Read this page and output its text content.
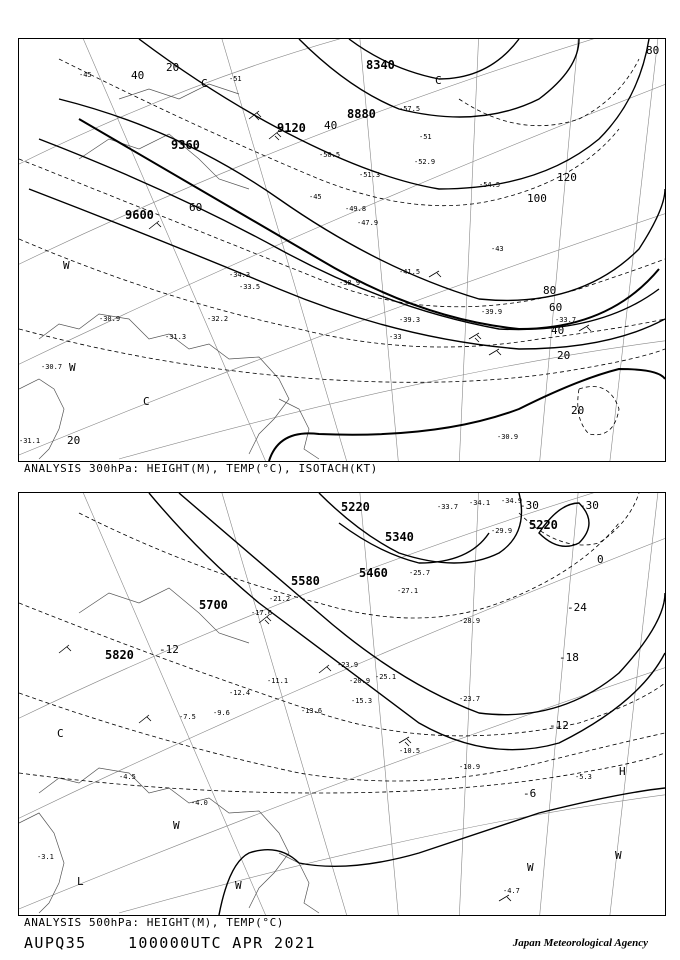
8340
8880
9120
9360
9600
80
40
20
40
60
80
100
120
60
40
20
20
20
C	C
W
W
C
-51
-45
-51
-57.5
-54.5
-52.9
-51.3
-50.5
-49.8
-47.9
-45
-41.5
-39.9
-39.3
-38.9
-34.3
-33.7
-33
-30.9
-31.3
-33.5
-30.7
-31.1
-32.2
-30.9
-43
ANALYSIS 300hPa: HEIGHT(M), TEMP(°C), ISOTACH(KT)
5220
5340
5460
5580
5700
5820
5220
-30
-24
0
-18
-12
-12
-6
-30
C
W
L	W
W
W
H
-34.9
-34.1
-33.7
-29.9
-28.9
-27.1
-25.7
-25.1
-23.9
-23.7
-21.2
-20.9
-17.6
-15.3
-13.6
-12.4
-11.1
-10.9
-10.5
-9.6
-7.5
-5.3
-4.7
-4.5
-4.0
-3.1
ANALYSIS 500hPa: HEIGHT(M), TEMP(°C)
AUPQ35	100000UTC APR 2021	Japan Meteorological Agency
